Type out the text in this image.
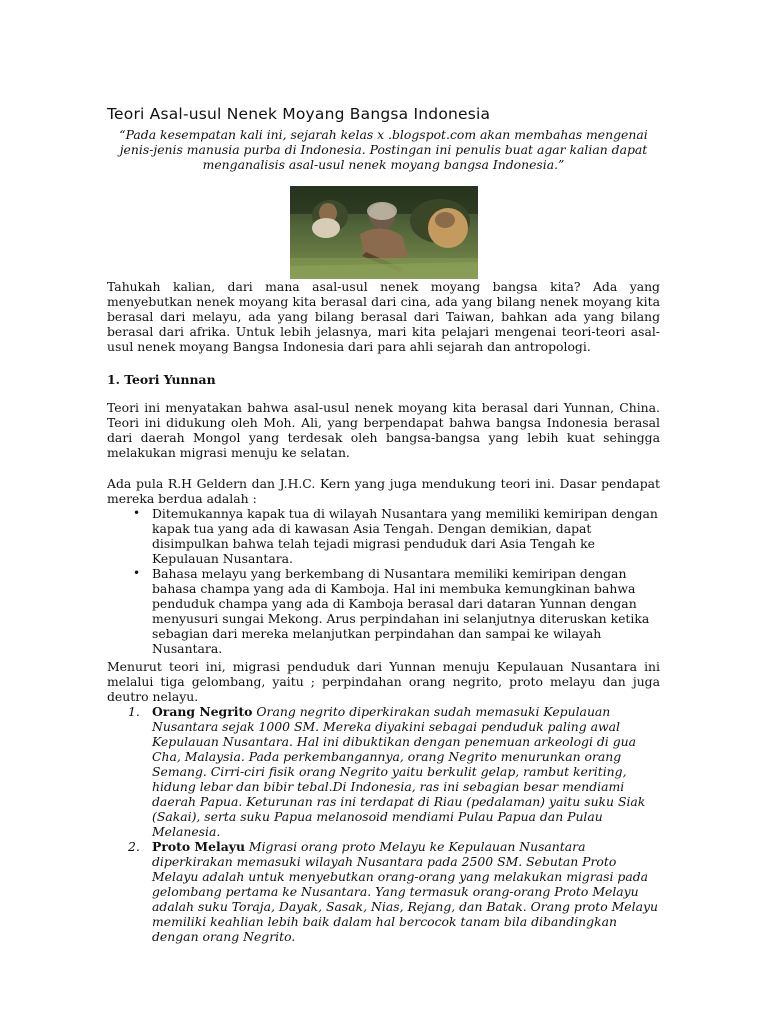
Teori Asal-usul Nenek Moyang Bangsa Indonesia
“Pada kesempatan kali ini, sejarah kelas x .blogspot.com akan membahas mengenai jenis-jenis manusia purba di Indonesia. Postingan ini penulis buat agar kalian dapat menganalisis asal-usul nenek moyang bangsa Indonesia.”

Tahukah kalian, dari mana asal-usul nenek moyang bangsa kita? Ada yang menyebutkan nenek moyang kita berasal dari cina, ada yang bilang nenek moyang kita berasal dari melayu, ada yang bilang berasal dari Taiwan, bahkan ada yang bilang berasal dari afrika. Untuk lebih jelasnya, mari kita pelajari mengenai teori-teori asal-usul nenek moyang Bangsa Indonesia dari para ahli sejarah dan antropologi.

1. Teori Yunnan

Teori ini menyatakan bahwa asal-usul nenek moyang kita berasal dari Yunnan, China. Teori ini didukung oleh Moh. Ali, yang berpendapat bahwa bangsa Indonesia berasal dari daerah Mongol yang terdesak oleh bangsa-bangsa yang lebih kuat sehingga melakukan migrasi menuju ke selatan.

Ada pula R.H Geldern dan J.H.C. Kern yang juga mendukung teori ini. Dasar pendapat mereka berdua adalah :

• Ditemukannya kapak tua di wilayah Nusantara yang memiliki kemiripan dengan kapak tua yang ada di kawasan Asia Tengah. Dengan demikian, dapat disimpulkan bahwa telah tejadi migrasi penduduk dari Asia Tengah ke Kepulauan Nusantara.
• Bahasa melayu yang berkembang di Nusantara memiliki kemiripan dengan bahasa champa yang ada di Kamboja. Hal ini membuka kemungkinan bahwa penduduk champa yang ada di Kamboja berasal dari dataran Yunnan dengan menyusuri sungai Mekong. Arus perpindahan ini selanjutnya diteruskan ketika sebagian dari mereka melanjutkan perpindahan dan sampai ke wilayah Nusantara.

Menurut teori ini, migrasi penduduk dari Yunnan menuju Kepulauan Nusantara ini melalui tiga gelombang, yaitu ; perpindahan orang negrito, proto melayu dan juga deutro nelayu.

1. Orang Negrito Orang negrito diperkirakan sudah memasuki Kepulauan Nusantara sejak 1000 SM. Mereka diyakini sebagai penduduk paling awal Kepulauan Nusantara. Hal ini dibuktikan dengan penemuan arkeologi di gua Cha, Malaysia. Pada perkembangannya, orang Negrito menurunkan orang Semang. Cirri-ciri fisik orang Negrito yaitu berkulit gelap, rambut keriting, hidung lebar dan bibir tebal.Di Indonesia, ras ini sebagian besar mendiami daerah Papua. Keturunan ras ini terdapat di Riau (pedalaman) yaitu suku Siak (Sakai), serta suku Papua melanosoid mendiami Pulau Papua dan Pulau Melanesia.
2. Proto Melayu Migrasi orang proto Melayu ke Kepulauan Nusantara diperkirakan memasuki wilayah Nusantara pada 2500 SM. Sebutan Proto Melayu adalah untuk menyebutkan orang-orang yang melakukan migrasi pada gelombang pertama ke Nusantara. Yang termasuk orang-orang Proto Melayu adalah suku Toraja, Dayak, Sasak, Nias, Rejang, dan Batak. Orang proto Melayu memiliki keahlian lebih baik dalam hal bercocok tanam bila dibandingkan dengan orang Negrito.
